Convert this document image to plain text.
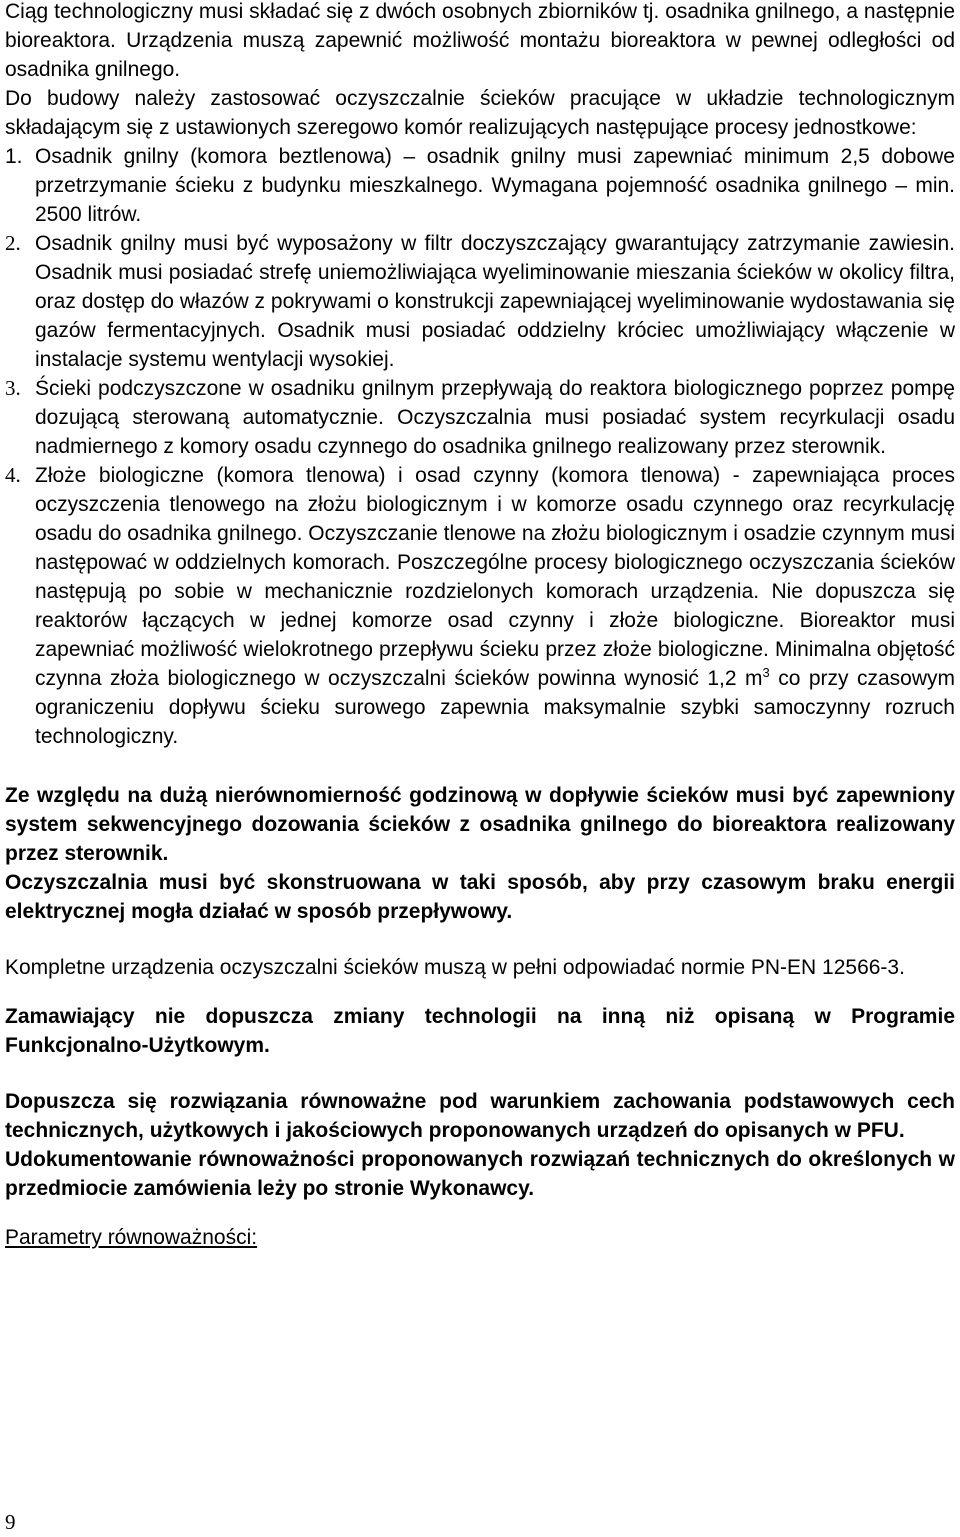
Ciąg technologiczny musi składać się z dwóch osobnych zbiorników tj. osadnika gnilnego, a następnie bioreaktora. Urządzenia muszą zapewnić możliwość montażu bioreaktora w pewnej odległości od osadnika gnilnego.

Do budowy należy zastosować oczyszczalnie ścieków pracujące w układzie technologicznym składającym się z ustawionych szeregowo komór realizujących następujące procesy jednostkowe:

1. Osadnik gnilny (komora beztlenowa) – osadnik gnilny musi zapewniać minimum 2,5 dobowe przetrzymanie ścieku z budynku mieszkalnego. Wymagana pojemność osadnika gnilnego – min. 2500 litrów.
2. Osadnik gnilny musi być wyposażony w filtr doczyszczający gwarantujący zatrzymanie zawiesin. Osadnik musi posiadać strefę uniemożliwiająca wyeliminowanie mieszania ścieków w okolicy filtra, oraz dostęp do włazów z pokrywami o konstrukcji zapewniającej wyeliminowanie wydostawania się gazów fermentacyjnych. Osadnik musi posiadać oddzielny króciec umożliwiający włączenie w instalacje systemu wentylacji wysokiej.
3. Ścieki podczyszczone w osadniku gnilnym przepływają do reaktora biologicznego poprzez pompę dozującą sterowaną automatycznie. Oczyszczalnia musi posiadać system recyrkulacji osadu nadmiernego z komory osadu czynnego do osadnika gnilnego realizowany przez sterownik.
4. Złoże biologiczne (komora tlenowa) i osad czynny (komora tlenowa) - zapewniająca proces oczyszczenia tlenowego na złożu biologicznym i w komorze osadu czynnego oraz recyrkulację osadu do osadnika gnilnego. Oczyszczanie tlenowe na złożu biologicznym i osadzie czynnym musi następować w oddzielnych komorach. Poszczególne procesy biologicznego oczyszczania ścieków następują po sobie w mechanicznie rozdzielonych komorach urządzenia. Nie dopuszcza się reaktorów łączących w jednej komorze osad czynny i złoże biologiczne. Bioreaktor musi zapewniać możliwość wielokrotnego przepływu ścieku przez złoże biologiczne. Minimalna objętość czynna złoża biologicznego w oczyszczalni ścieków powinna wynosić 1,2 $m^3$ co przy czasowym ograniczeniu dopływu ścieku surowego zapewnia maksymalnie szybki samoczynny rozruch technologiczny.

Ze względu na dużą nierównomierność godzinową w dopływie ścieków musi być zapewniony system sekwencyjnego dozowania ścieków z osadnika gnilnego do bioreaktora realizowany przez sterownik.

Oczyszczalnia musi być skonstruowana w taki sposób, aby przy czasowym braku energii elektrycznej mogła działać w sposób przepływowy.

Kompletne urządzenia oczyszczalni ścieków muszą w pełni odpowiadać normie PN-EN 12566-3.

Zamawiający nie dopuszcza zmiany technologii na inną niż opisaną w Programie Funkcjonalno-Użytkowym.

Dopuszcza się rozwiązania równoważne pod warunkiem zachowania podstawowych cech technicznych, użytkowych i jakościowych proponowanych urządzeń do opisanych w PFU.

Udokumentowanie równoważności proponowanych rozwiązań technicznych do określonych w przedmiocie zamówienia leży po stronie Wykonawcy.

Parametry równoważności:

9
